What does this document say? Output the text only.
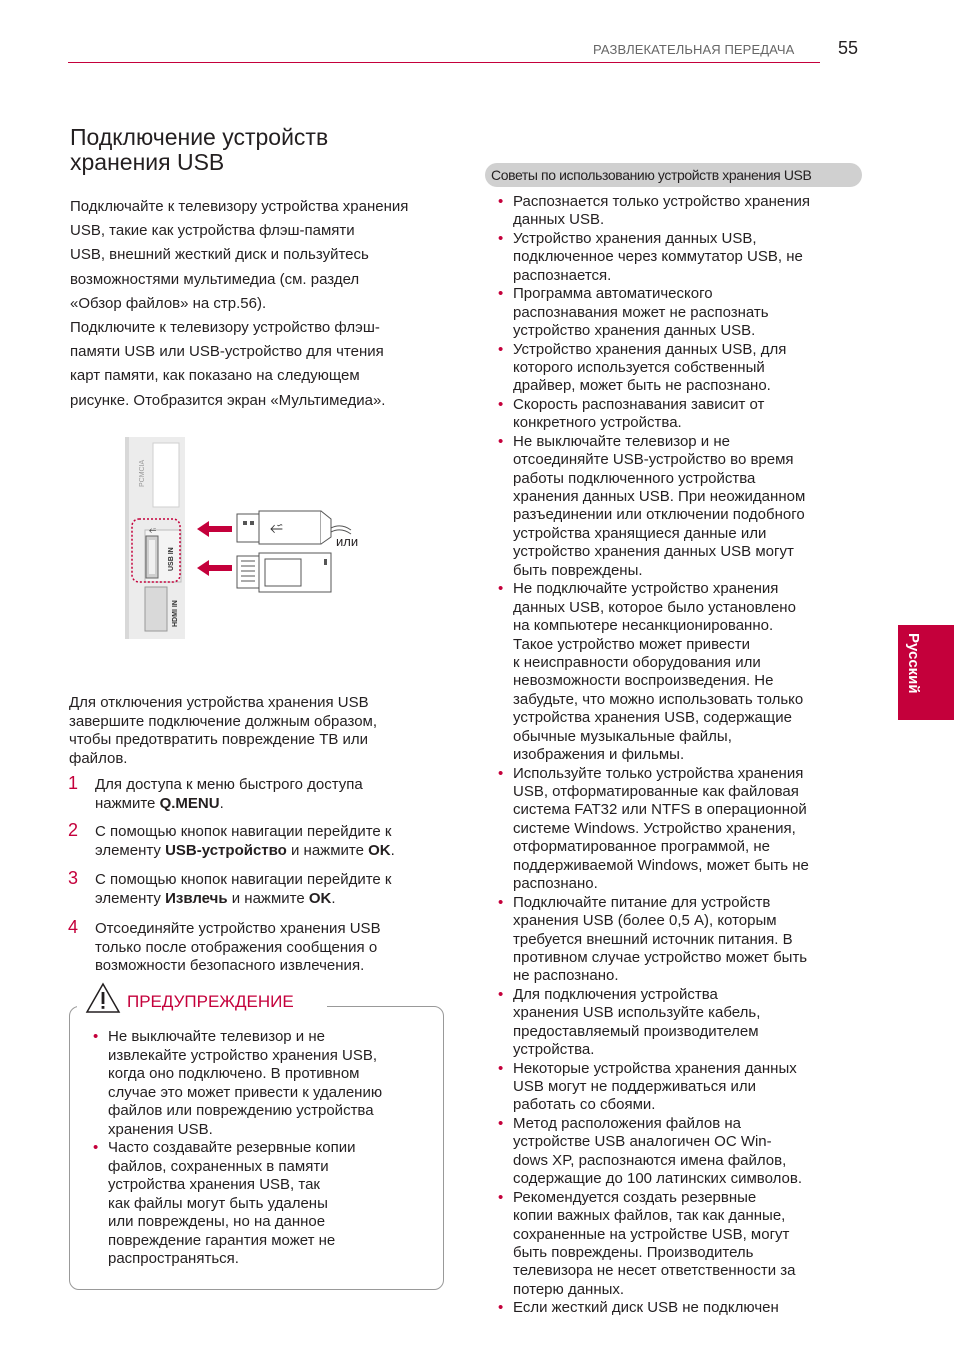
РАЗВЛЕКАТЕЛЬНАЯ ПЕРЕДАЧА 55
Подключение устройств
хранения USB

Подключайте к телевизору устройства хранения

USB, такие как устройства флэш-памяти

USB, внешний жесткий диск и пользуйтесь

возможностями мультимедиа (см. раздел

«Обзор файлов» на стр.56).

Подключите к телевизору устройство флэш-

памяти USB или USB-устройство для чтения

карт памяти, как показано на следующем

рисунке. Отобразится экран «Мультимедиа».

PCMCIA
USB IN
⭁
HDMI IN
⭁
или
Для отключения устройства хранения USB
завершите подключение должным образом,
чтобы предотвратить повреждение ТВ или
файлов.
1 Для доступа к меню быстрого доступа
нажмите Q.MENU.
2 С помощью кнопок навигации перейдите к
элементу USB-устройство и нажмите OK.
3 С помощью кнопок навигации перейдите к
элементу Извлечь и нажмите OK.
4 Отсоединяйте устройство хранения USB
только после отображения сообщения о
возможности безопасного извлечения.
ПРЕДУПРЕЖДЕНИЕ
• Не выключайте телевизор и не
извлекайте устройство хранения USB,
когда оно подключено. В противном
случае это может привести к удалению
файлов или повреждению устройства
хранения USB.
• Часто создавайте резервные копии
файлов, сохраненных в памяти
устройства хранения USB, так
как файлы могут быть удалены
или повреждены, но на данное
повреждение гарантия может не
распространяться.
Советы по использованию устройств хранения USB
• Распознается только устройство хранения
данных USB.
• Устройство хранения данных USB,
подключенное через коммутатор USB, не
распознается.
• Программа автоматического
распознавания может не распознать
устройство хранения данных USB.
• Устройство хранения данных USB, для
которого используется собственный
драйвер, может быть не распознано.
• Скорость распознавания зависит от
конкретного устройства.
• Не выключайте телевизор и не
отсоединяйте USB-устройство во время
работы подключенного устройства
хранения данных USB. При неожиданном
разъединении или отключении подобного
устройства хранящиеся данные или
устройство хранения данных USB могут
быть повреждены.
• Не подключайте устройство хранения
данных USB, которое было установлено
на компьютере несанкционированно.
Такое устройство может привести
к неисправности оборудования или
невозможности воспроизведения. Не
забудьте, что можно использовать только
устройства хранения USB, содержащие
обычные музыкальные файлы,
изображения и фильмы.
• Используйте только устройства хранения
USB, отформатированные как файловая
система FAT32 или NTFS в операционной
системе Windows. Устройство хранения,
отформатированное программой, не
поддерживаемой Windows, может быть не
распознано.
• Подключайте питание для устройств
хранения USB (более 0,5 A), которым
требуется внешний источник питания. В
противном случае устройство может быть
не распознано.
• Для подключения устройства
хранения USB используйте кабель,
предоставляемый производителем
устройства.
• Некоторые устройства хранения данных
USB могут не поддерживаться или
работать со сбоями.
• Метод расположения файлов на
устройстве USB аналогичен ОС Win-
dows XP, распознаются имена файлов,
содержащие до 100 латинских символов.
• Рекомендуется создать резервные
копии важных файлов, так как данные,
сохраненные на устройстве USB, могут
быть повреждены. Производитель
телевизора не несет ответственности за
потерю данных.
• Если жесткий диск USB не подключен
Русский
